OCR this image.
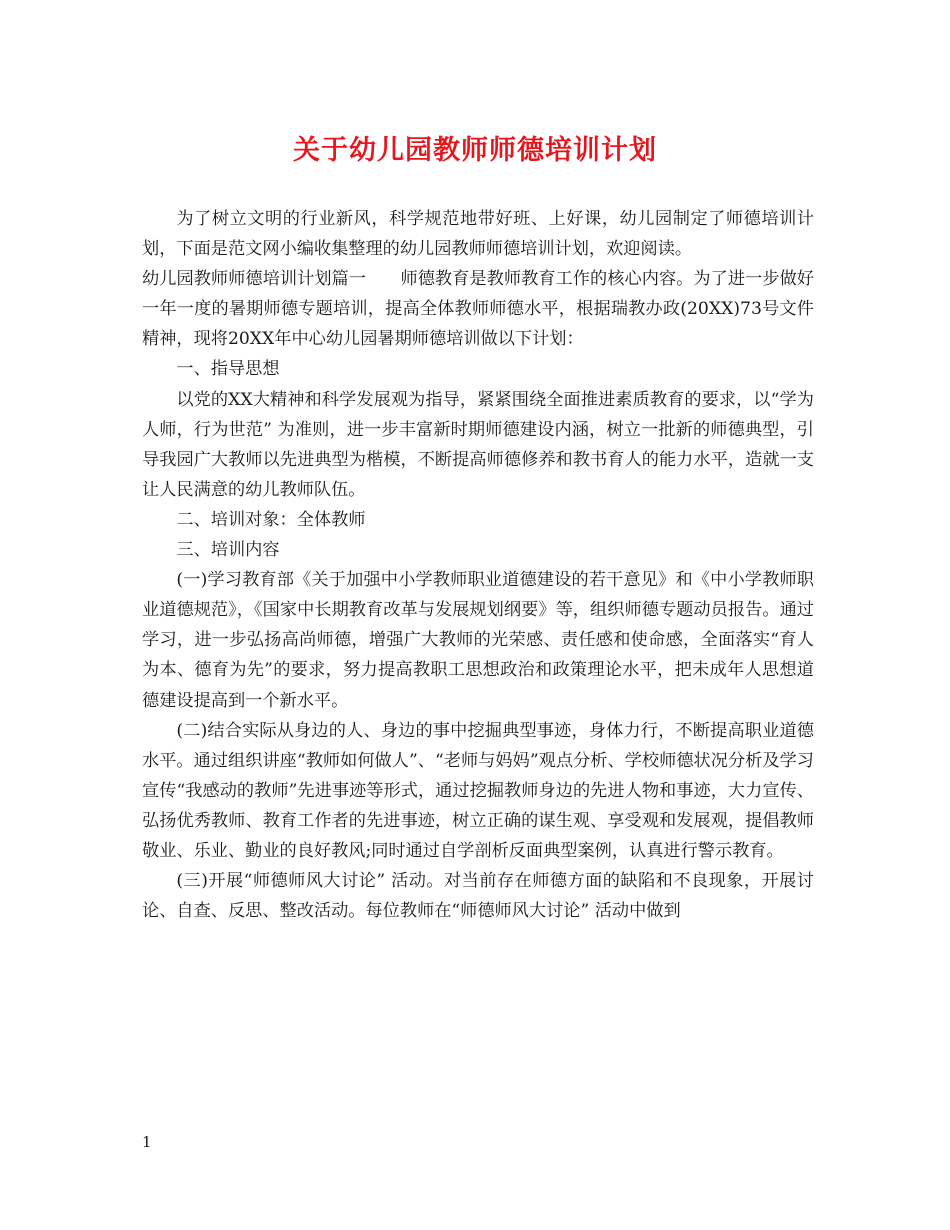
关于幼儿园教师师德培训计划

为了树立文明的行业新风，科学规范地带好班、上好课，幼儿园制定了师德培训计划，下面是范文网小编收集整理的幼儿园教师师德培训计划，欢迎阅读。

幼儿园教师师德培训计划篇一　　师德教育是教师教育工作的核心内容。为了进一步做好一年一度的暑期师德专题培训，提高全体教师师德水平，根据瑞教办政(20XX)73号文件精神，现将20XX年中心幼儿园暑期师德培训做以下计划：

一、指导思想

以党的XX大精神和科学发展观为指导，紧紧围绕全面推进素质教育的要求，以“学为人师，行为世范” 为准则，进一步丰富新时期师德建设内涵，树立一批新的师德典型，引导我园广大教师以先进典型为楷模，不断提高师德修养和教书育人的能力水平，造就一支让人民满意的幼儿教师队伍。

二、培训对象：全体教师

三、培训内容

(一)学习教育部《关于加强中小学教师职业道德建设的若干意见》和《中小学教师职业道德规范》，《国家中长期教育改革与发展规划纲要》等，组织师德专题动员报告。通过学习，进一步弘扬高尚师德，增强广大教师的光荣感、责任感和使命感，全面落实“育人为本、德育为先”的要求，努力提高教职工思想政治和政策理论水平，把未成年人思想道德建设提高到一个新水平。

(二)结合实际从身边的人、身边的事中挖掘典型事迹，身体力行，不断提高职业道德水平。通过组织讲座“教师如何做人”、“老师与妈妈”观点分析、学校师德状况分析及学习宣传“我感动的教师”先进事迹等形式，通过挖掘教师身边的先进人物和事迹，大力宣传、弘扬优秀教师、教育工作者的先进事迹，树立正确的谋生观、享受观和发展观，提倡教师敬业、乐业、勤业的良好教风;同时通过自学剖析反面典型案例，认真进行警示教育。

(三)开展“师德师风大讨论” 活动。对当前存在师德方面的缺陷和不良现象，开展讨论、自查、反思、整改活动。每位教师在“师德师风大讨论” 活动中做到

1
